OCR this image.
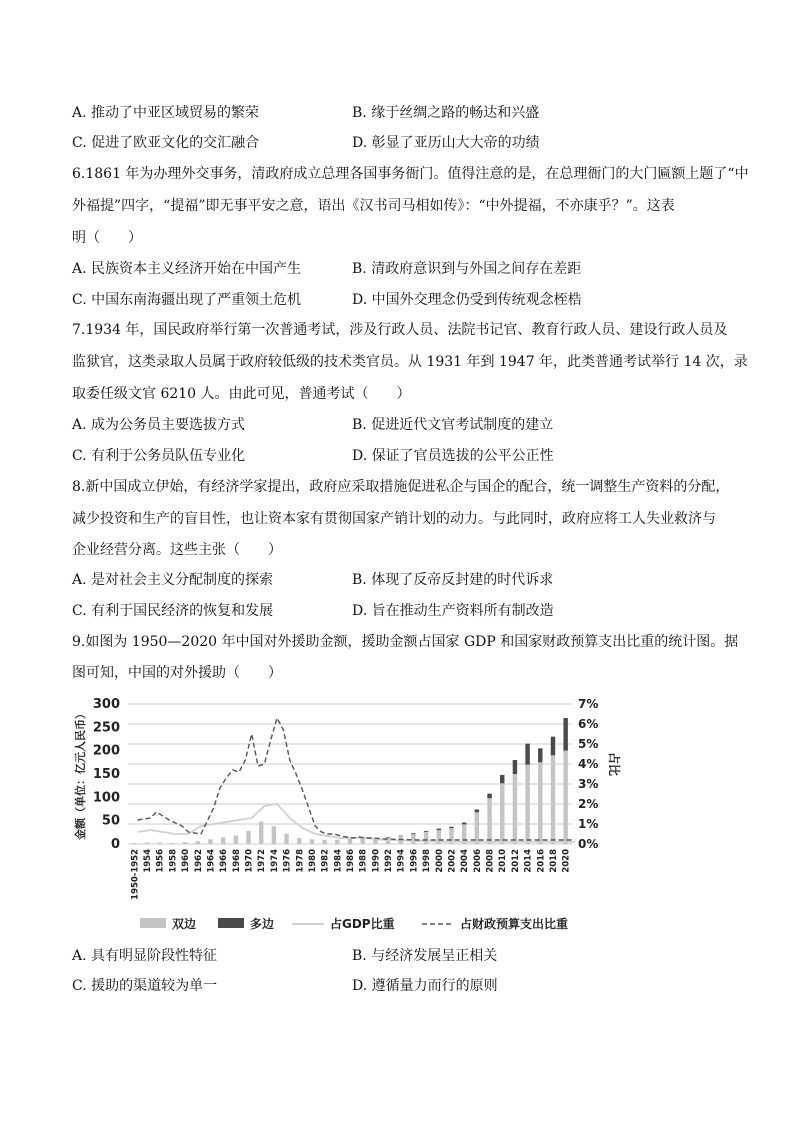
A. 推动了中亚区域贸易的繁荣	B. 缘于丝绸之路的畅达和兴盛
C. 促进了欧亚文化的交汇融合	D. 彰显了亚历山大大帝的功绩
6.1861 年为办理外交事务，清政府成立总理各国事务衙门。值得注意的是，在总理衙门的大门匾额上题了“中
外福提”四字，“提福”即无事平安之意，语出《汉书司马相如传》：“中外提福，不亦康乎？”。这表
明（　　）
A. 民族资本主义经济开始在中国产生	B. 清政府意识到与外国之间存在差距
C. 中国东南海疆出现了严重领土危机	D. 中国外交理念仍受到传统观念桎梏
7.1934 年，国民政府举行第一次普通考试，涉及行政人员、法院书记官、教育行政人员、建设行政人员及
监狱官，这类录取人员属于政府较低级的技术类官员。从 1931 年到 1947 年，此类普通考试举行 14 次，录
取委任级文官 6210 人。由此可见，普通考试（　　）
A. 成为公务员主要选拔方式	B. 促进近代文官考试制度的建立
C. 有利于公务员队伍专业化	D. 保证了官员选拔的公平公正性
8.新中国成立伊始，有经济学家提出，政府应采取措施促进私企与国企的配合，统一调整生产资料的分配，
减少投资和生产的盲目性，也让资本家有贯彻国家产销计划的动力。与此同时，政府应将工人失业救济与
企业经营分离。这些主张（　　）
A. 是对社会主义分配制度的探索	B. 体现了反帝反封建的时代诉求
C. 有利于国民经济的恢复和发展	D. 旨在推动生产资料所有制改造
9.如图为 1950—2020 年中国对外援助金额，援助金额占国家 GDP 和国家财政预算支出比重的统计图。据
图可知，中国的对外援助（　　）
0
50
100
150
200
250
300
0%
1%
2%
3%
4%
5%
6%
7%
金额（单位：亿元人民币）	占比
1950-1952 1954 1956 1958 1960 1962 1964 1966 1968 1970 1972 1974 1976 1978 1980 1982 1984 1986 1988 1990 1992 1994 1996 1998 2000 2002 2004 2006 2008 2010 2012 2014 2016 2018 2020
双边	多边	占GDP比重	占财政预算支出比重
A. 具有明显阶段性特征	B. 与经济发展呈正相关
C. 援助的渠道较为单一	D. 遵循量力而行的原则
